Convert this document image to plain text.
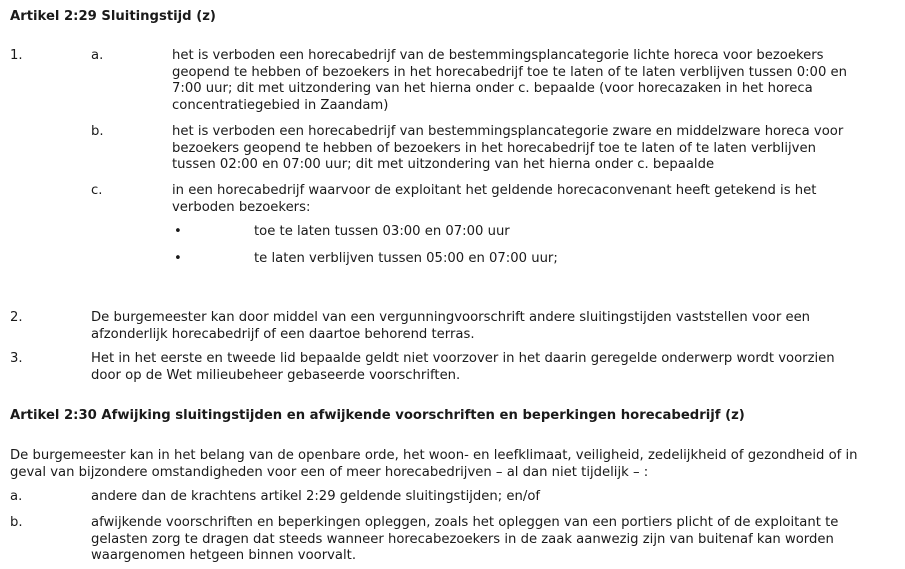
Artikel 2:29 Sluitingstijd (z)
1.	a.	het is verboden een horecabedrijf van de bestemmingsplancategorie lichte horeca voor bezoekers
geopend te hebben of bezoekers in het horecabedrijf toe te laten of te laten verblijven tussen 0:00 en
7:00 uur; dit met uitzondering van het hierna onder c. bepaalde (voor horecazaken in het horeca
concentratiegebied in Zaandam)
b.	het is verboden een horecabedrijf van bestemmingsplancategorie zware en middelzware horeca voor
bezoekers geopend te hebben of bezoekers in het horecabedrijf toe te laten of te laten verblijven
tussen 02:00 en 07:00 uur; dit met uitzondering van het hierna onder c. bepaalde
c.	in een horecabedrijf waarvoor de exploitant het geldende horecaconvenant heeft getekend is het
verboden bezoekers:
•	toe te laten tussen 03:00 en 07:00 uur
•	te laten verblijven tussen 05:00 en 07:00 uur;
2.	De burgemeester kan door middel van een vergunningvoorschrift andere sluitingstijden vaststellen voor een
afzonderlijk horecabedrijf of een daartoe behorend terras.
3.	Het in het eerste en tweede lid bepaalde geldt niet voorzover in het daarin geregelde onderwerp wordt voorzien
door op de Wet milieubeheer gebaseerde voorschriften.
Artikel 2:30 Afwijking sluitingstijden en afwijkende voorschriften en beperkingen horecabedrijf (z)
De burgemeester kan in het belang van de openbare orde, het woon- en leefklimaat, veiligheid, zedelijkheid of gezondheid of in
geval van bijzondere omstandigheden voor een of meer horecabedrijven – al dan niet tijdelijk – :
a.	andere dan de krachtens artikel 2:29 geldende sluitingstijden; en/of
b.	afwijkende voorschriften en beperkingen opleggen, zoals het opleggen van een portiers plicht of de exploitant te
gelasten zorg te dragen dat steeds wanneer horecabezoekers in de zaak aanwezig zijn van buitenaf kan worden
waargenomen hetgeen binnen voorvalt.
